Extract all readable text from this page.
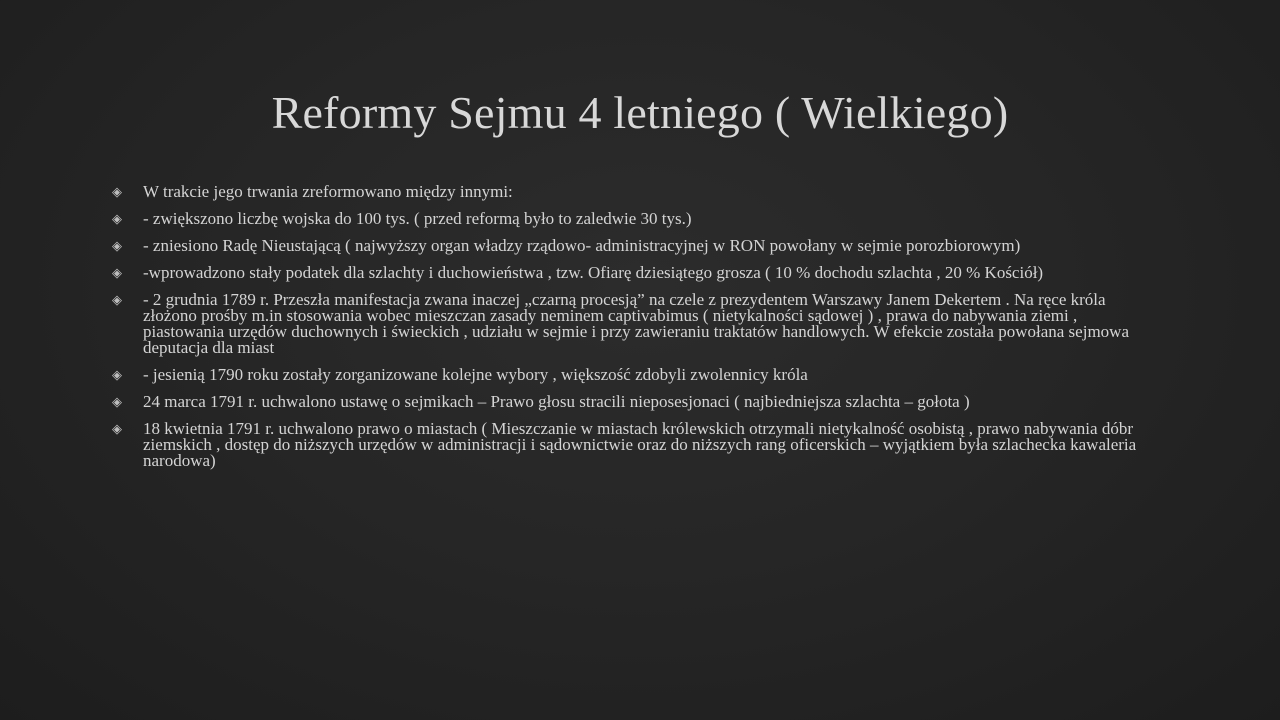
Reformy Sejmu 4 letniego ( Wielkiego)
◈ W trakcie jego trwania zreformowano między innymi:
◈ - zwiększono liczbę wojska do 100 tys. ( przed reformą było to zaledwie 30 tys.)
◈ - zniesiono Radę Nieustającą ( najwyższy organ władzy rządowo- administracyjnej w RON powołany w sejmie porozbiorowym)
◈ -wprowadzono stały podatek dla szlachty i duchowieństwa , tzw. Ofiarę dziesiątego grosza ( 10 % dochodu szlachta , 20 % Kościół)
◈ - 2 grudnia 1789 r. Przeszła manifestacja zwana inaczej „czarną procesją” na czele z prezydentem Warszawy Janem Dekertem . Na ręce króla złożono prośby m.in stosowania wobec mieszczan zasady neminem captivabimus ( nietykalności sądowej ) , prawa do nabywania ziemi , piastowania urzędów duchownych i świeckich , udziału w sejmie i przy zawieraniu traktatów handlowych. W efekcie została powołana sejmowa deputacja dla miast
◈ - jesienią 1790 roku zostały zorganizowane kolejne wybory , większość zdobyli zwolennicy króla
◈ 24 marca 1791 r. uchwalono ustawę o sejmikach – Prawo głosu stracili nieposesjonaci ( najbiedniejsza szlachta – gołota )
◈ 18 kwietnia 1791 r. uchwalono prawo o miastach ( Mieszczanie w miastach królewskich otrzymali nietykalność osobistą , prawo nabywania dóbr ziemskich , dostęp do niższych urzędów w administracji i sądownictwie oraz do niższych rang oficerskich – wyjątkiem była szlachecka kawaleria narodowa)
